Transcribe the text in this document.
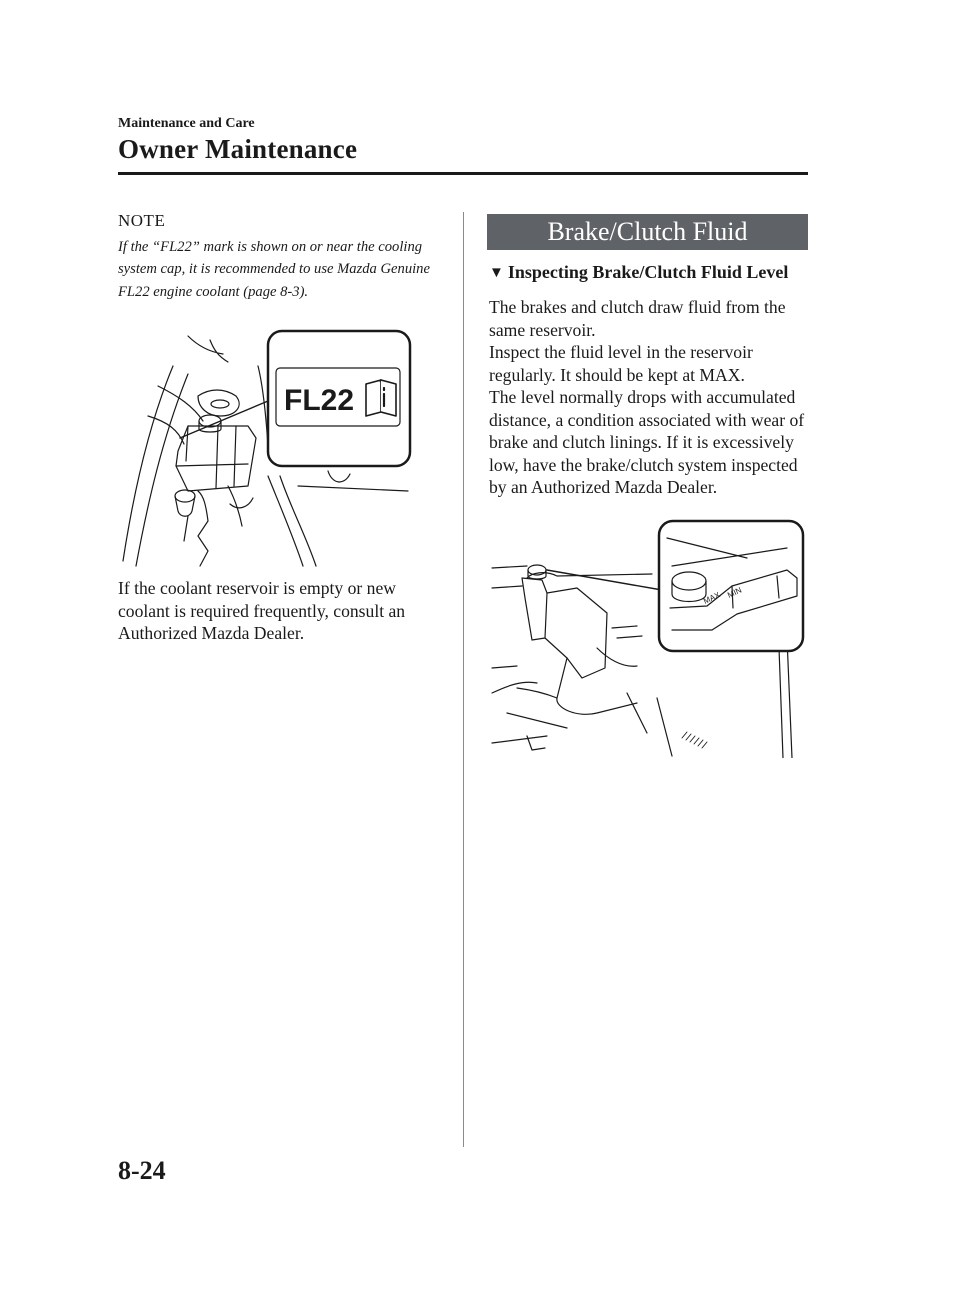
Maintenance and Care
Owner Maintenance
NOTE
If the “FL22” mark is shown on or near the cooling system cap, it is recommended to use Mazda Genuine FL22 engine coolant (page 8-3).
FL22
If the coolant reservoir is empty or new coolant is required frequently, consult an Authorized Mazda Dealer.
Brake/Clutch Fluid
▼ Inspecting Brake/Clutch Fluid Level

The brakes and clutch draw fluid from the same reservoir.

Inspect the fluid level in the reservoir regularly. It should be kept at MAX.

The level normally drops with accumulated distance, a condition associated with wear of brake and clutch linings. If it is excessively low, have the brake/clutch system inspected by an Authorized Mazda Dealer.

MAX MIN
8-24
